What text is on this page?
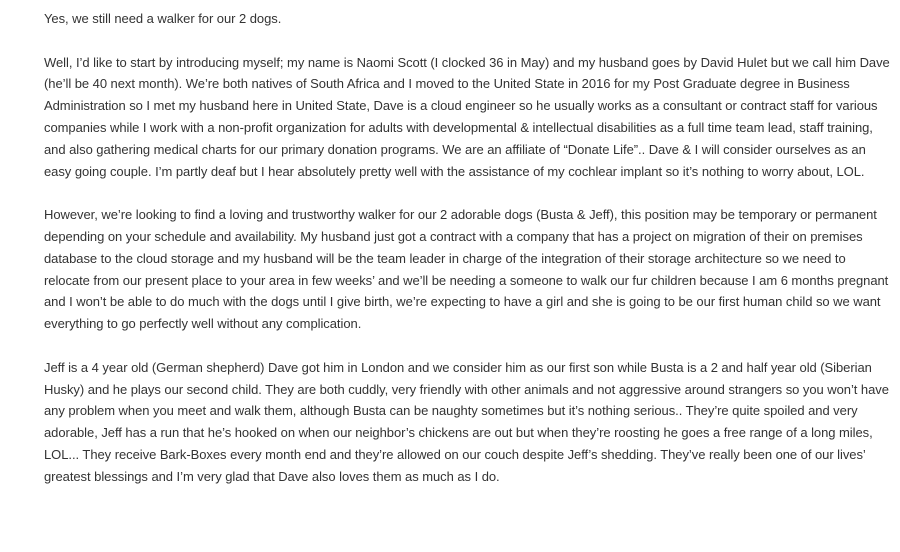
Yes, we still need a walker for our 2 dogs.

Well, I’d like to start by introducing myself; my name is Naomi Scott (I clocked 36 in May) and my husband goes by David Hulet but we call him Dave (he’ll be 40 next month). We’re both natives of South Africa and I moved to the United State in 2016 for my Post Graduate degree in Business Administration so I met my husband here in United State, Dave is a cloud engineer so he usually works as a consultant or contract staff for various companies while I work with a non-profit organization for adults with developmental & intellectual disabilities as a full time team lead, staff training, and also gathering medical charts for our primary donation programs. We are an affiliate of “Donate Life”.. Dave & I will consider ourselves as an easy going couple. I’m partly deaf but I hear absolutely pretty well with the assistance of my cochlear implant so it’s nothing to worry about, LOL.

However, we’re looking to find a loving and trustworthy walker for our 2 adorable dogs (Busta & Jeff), this position may be temporary or permanent  depending on your schedule and availability. My husband just got a contract with a company that has a project on migration of their on premises database to the cloud storage and my husband will be the team leader in charge of the integration of their storage architecture so we need to relocate from our present place to your area in few weeks’ and we’ll be needing a someone to walk our fur children because I am 6 months pregnant and I won’t be able to do much with the dogs until I give birth, we’re expecting to have a girl and she is going to be our first human child so we want everything to go perfectly well without any complication.

Jeff is a 4 year old (German shepherd) Dave got him in London and we consider him as our first son while Busta is a 2 and half year old (Siberian Husky) and he plays our second child. They are both cuddly, very friendly with other animals and not aggressive around strangers so you won’t have any problem when you meet and walk them, although Busta can be naughty sometimes but it’s nothing serious.. They’re quite spoiled and very adorable, Jeff has a run that he’s hooked on when our neighbor’s chickens are out but when they’re roosting he goes a free range of a long miles, LOL... They receive Bark-Boxes every month end and they’re allowed on our couch despite Jeff’s shedding. They’ve really been one of our lives’ greatest blessings and I’m very glad that Dave also loves them as much as I do.
